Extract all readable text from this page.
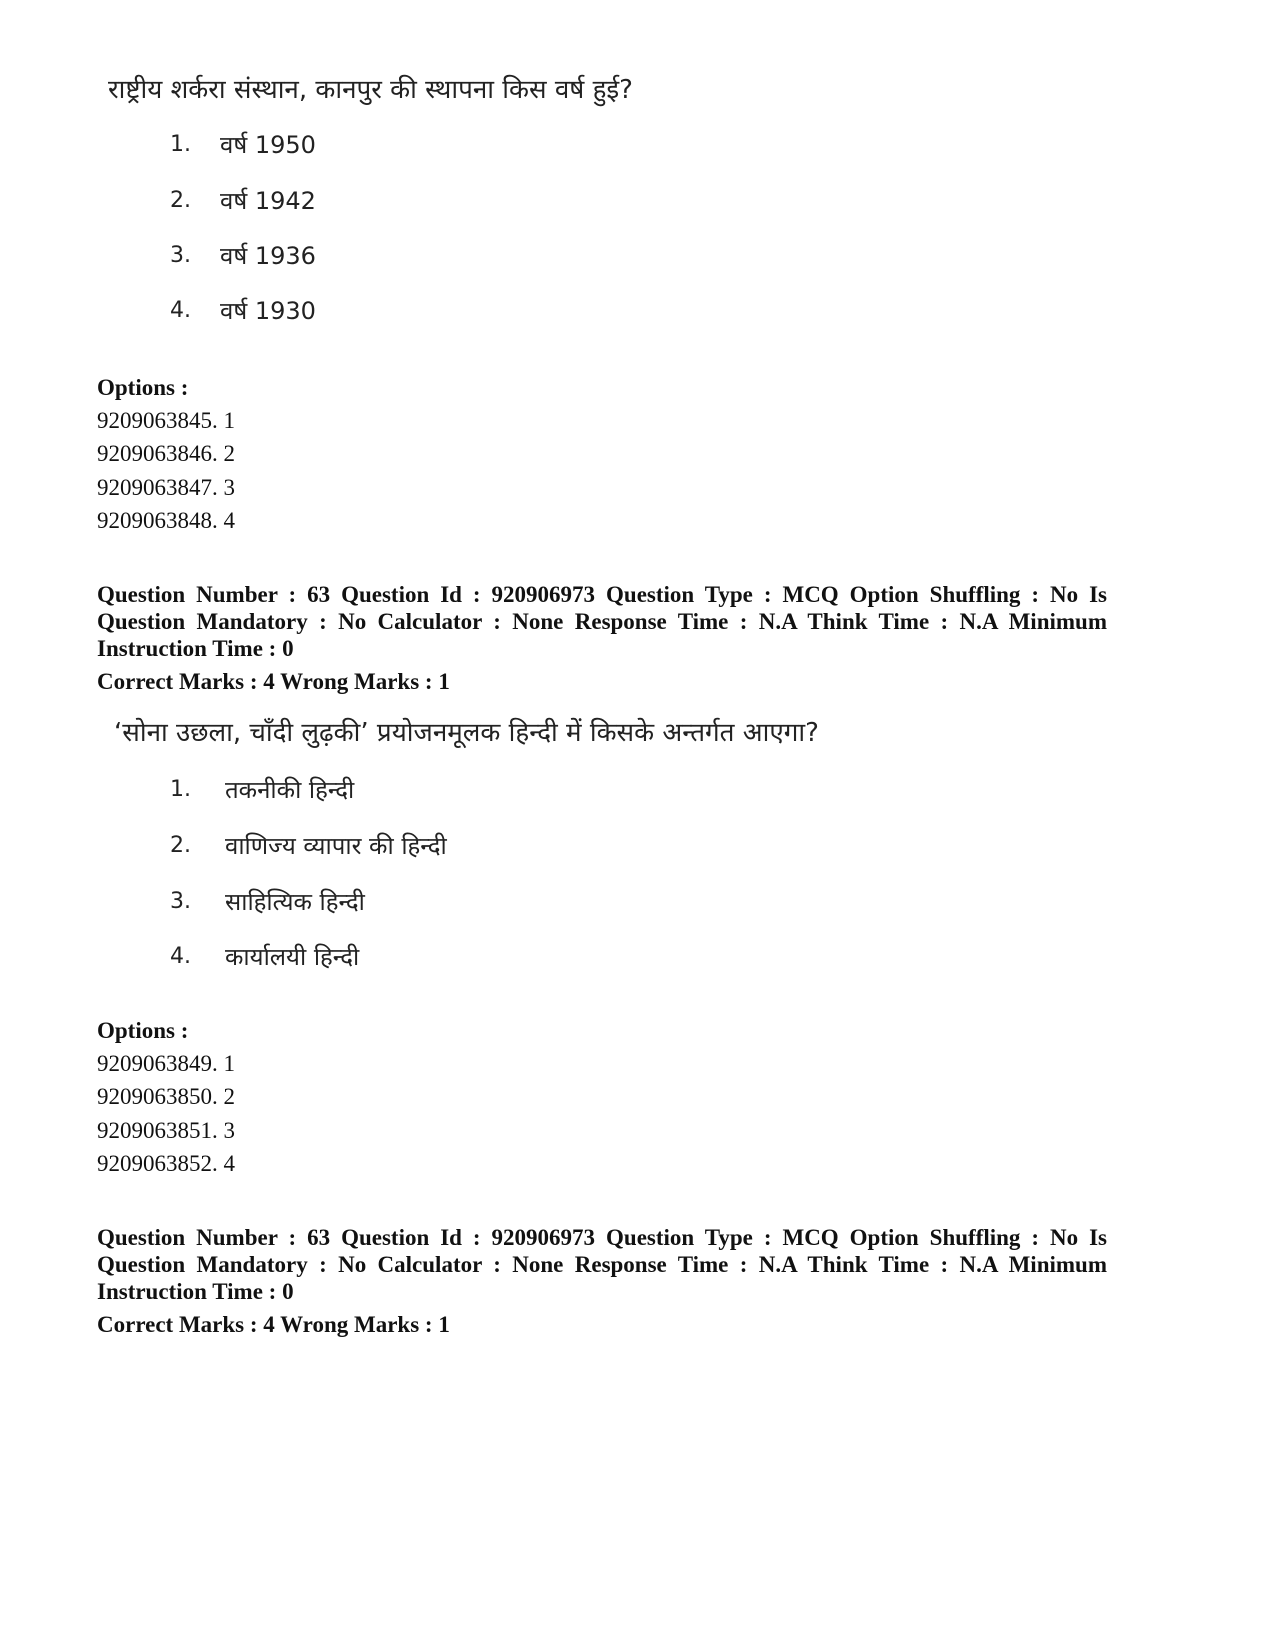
राष्ट्रीय शर्करा संस्थान, कानपुर की स्थापना किस वर्ष हुई?
1.	वर्ष 1950
2.	वर्ष 1942
3.	वर्ष 1936
4.	वर्ष 1930
Options :
9209063845. 1
9209063846. 2
9209063847. 3
9209063848. 4
Question Number : 63 Question Id : 920906973 Question Type : MCQ Option Shuffling : No Is Question Mandatory : No Calculator : None Response Time : N.A Think Time : N.A Minimum Instruction Time : 0
Correct Marks : 4 Wrong Marks : 1
‘सोना उछला, चाँदी लुढ़की’ प्रयोजनमूलक हिन्दी में किसके अन्तर्गत आएगा?
1.	तकनीकी हिन्दी
2.	वाणिज्य व्यापार की हिन्दी
3.	साहित्यिक हिन्दी
4.	कार्यालयी हिन्दी
Options :
9209063849. 1
9209063850. 2
9209063851. 3
9209063852. 4
Question Number : 63 Question Id : 920906973 Question Type : MCQ Option Shuffling : No Is Question Mandatory : No Calculator : None Response Time : N.A Think Time : N.A Minimum Instruction Time : 0
Correct Marks : 4 Wrong Marks : 1
